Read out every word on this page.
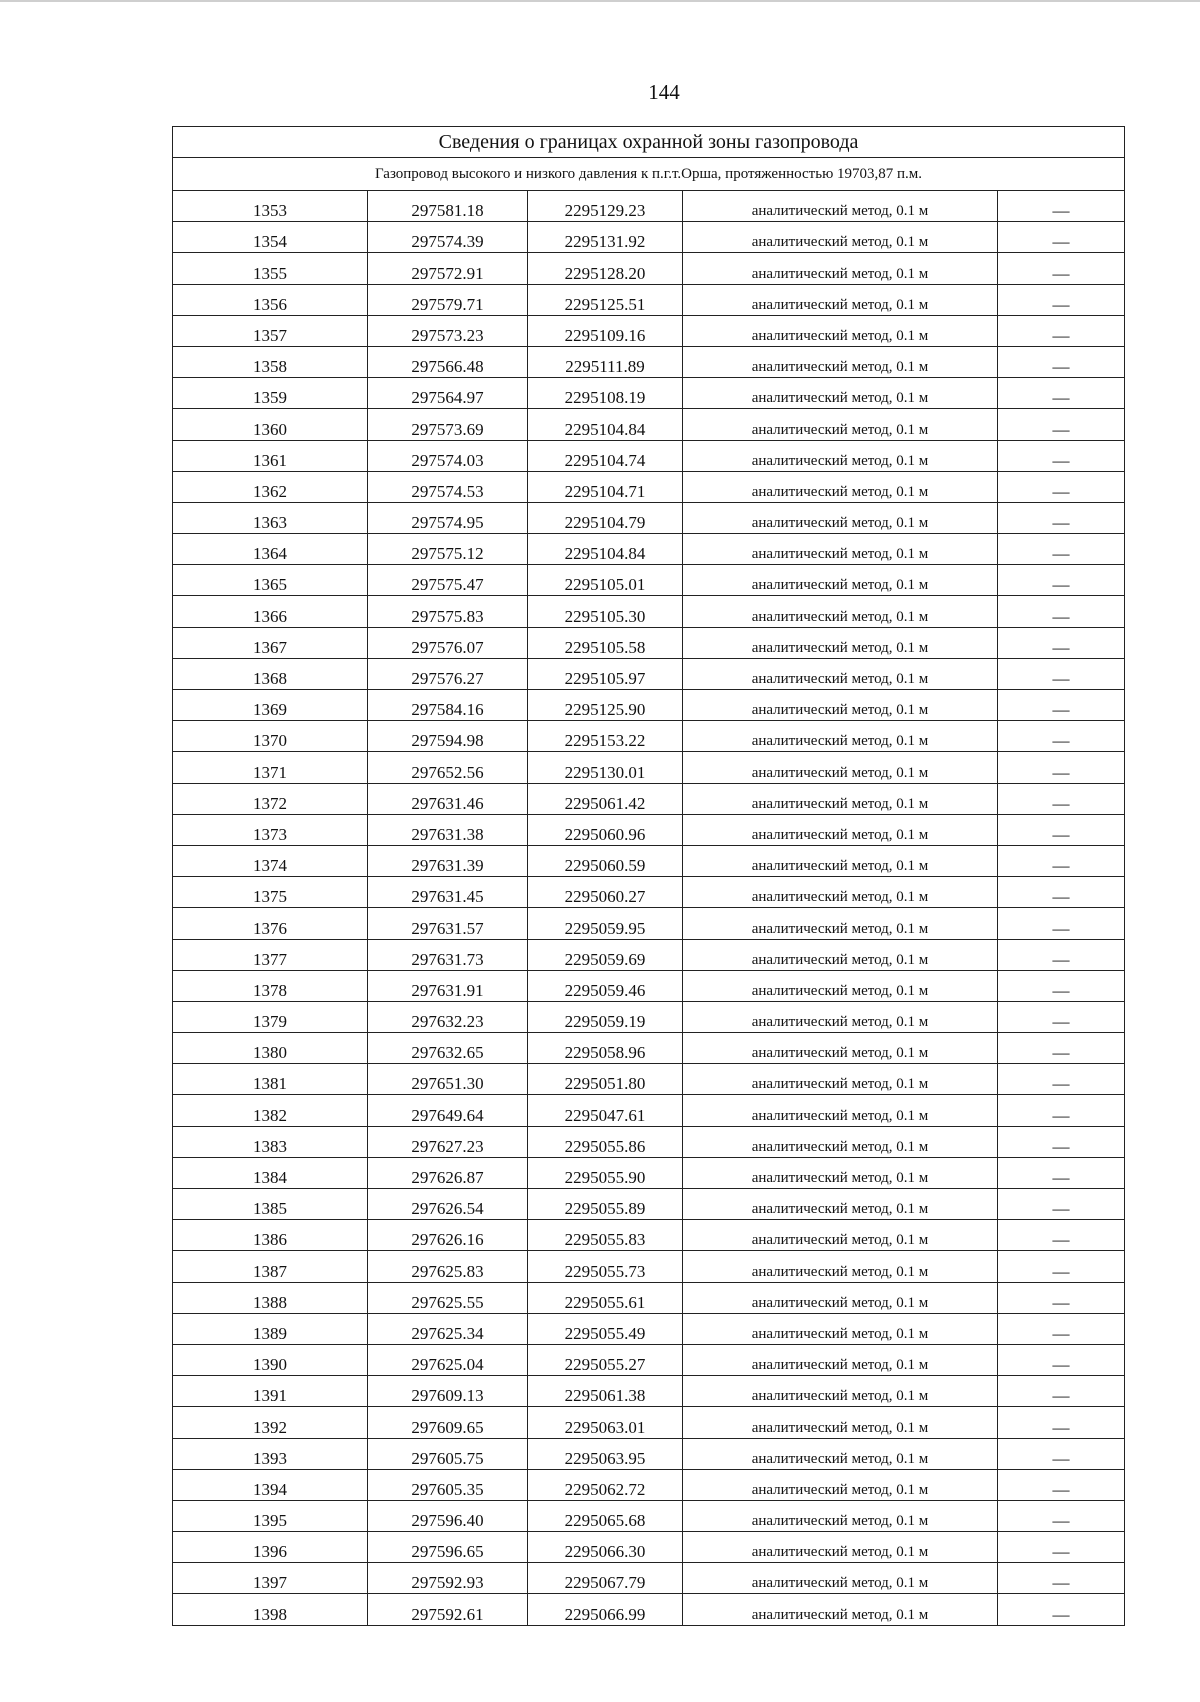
144
Сведения о границах охранной зоны газопровода				
Газопровод высокого и низкого давления к п.г.т.Орша, протяженностью 19703,87 п.м.				
1353	297581.18	2295129.23	аналитический метод, 0.1 м	—
1354	297574.39	2295131.92	аналитический метод, 0.1 м	—
1355	297572.91	2295128.20	аналитический метод, 0.1 м	—
1356	297579.71	2295125.51	аналитический метод, 0.1 м	—
1357	297573.23	2295109.16	аналитический метод, 0.1 м	—
1358	297566.48	2295111.89	аналитический метод, 0.1 м	—
1359	297564.97	2295108.19	аналитический метод, 0.1 м	—
1360	297573.69	2295104.84	аналитический метод, 0.1 м	—
1361	297574.03	2295104.74	аналитический метод, 0.1 м	—
1362	297574.53	2295104.71	аналитический метод, 0.1 м	—
1363	297574.95	2295104.79	аналитический метод, 0.1 м	—
1364	297575.12	2295104.84	аналитический метод, 0.1 м	—
1365	297575.47	2295105.01	аналитический метод, 0.1 м	—
1366	297575.83	2295105.30	аналитический метод, 0.1 м	—
1367	297576.07	2295105.58	аналитический метод, 0.1 м	—
1368	297576.27	2295105.97	аналитический метод, 0.1 м	—
1369	297584.16	2295125.90	аналитический метод, 0.1 м	—
1370	297594.98	2295153.22	аналитический метод, 0.1 м	—
1371	297652.56	2295130.01	аналитический метод, 0.1 м	—
1372	297631.46	2295061.42	аналитический метод, 0.1 м	—
1373	297631.38	2295060.96	аналитический метод, 0.1 м	—
1374	297631.39	2295060.59	аналитический метод, 0.1 м	—
1375	297631.45	2295060.27	аналитический метод, 0.1 м	—
1376	297631.57	2295059.95	аналитический метод, 0.1 м	—
1377	297631.73	2295059.69	аналитический метод, 0.1 м	—
1378	297631.91	2295059.46	аналитический метод, 0.1 м	—
1379	297632.23	2295059.19	аналитический метод, 0.1 м	—
1380	297632.65	2295058.96	аналитический метод, 0.1 м	—
1381	297651.30	2295051.80	аналитический метод, 0.1 м	—
1382	297649.64	2295047.61	аналитический метод, 0.1 м	—
1383	297627.23	2295055.86	аналитический метод, 0.1 м	—
1384	297626.87	2295055.90	аналитический метод, 0.1 м	—
1385	297626.54	2295055.89	аналитический метод, 0.1 м	—
1386	297626.16	2295055.83	аналитический метод, 0.1 м	—
1387	297625.83	2295055.73	аналитический метод, 0.1 м	—
1388	297625.55	2295055.61	аналитический метод, 0.1 м	—
1389	297625.34	2295055.49	аналитический метод, 0.1 м	—
1390	297625.04	2295055.27	аналитический метод, 0.1 м	—
1391	297609.13	2295061.38	аналитический метод, 0.1 м	—
1392	297609.65	2295063.01	аналитический метод, 0.1 м	—
1393	297605.75	2295063.95	аналитический метод, 0.1 м	—
1394	297605.35	2295062.72	аналитический метод, 0.1 м	—
1395	297596.40	2295065.68	аналитический метод, 0.1 м	—
1396	297596.65	2295066.30	аналитический метод, 0.1 м	—
1397	297592.93	2295067.79	аналитический метод, 0.1 м	—
1398	297592.61	2295066.99	аналитический метод, 0.1 м	—
